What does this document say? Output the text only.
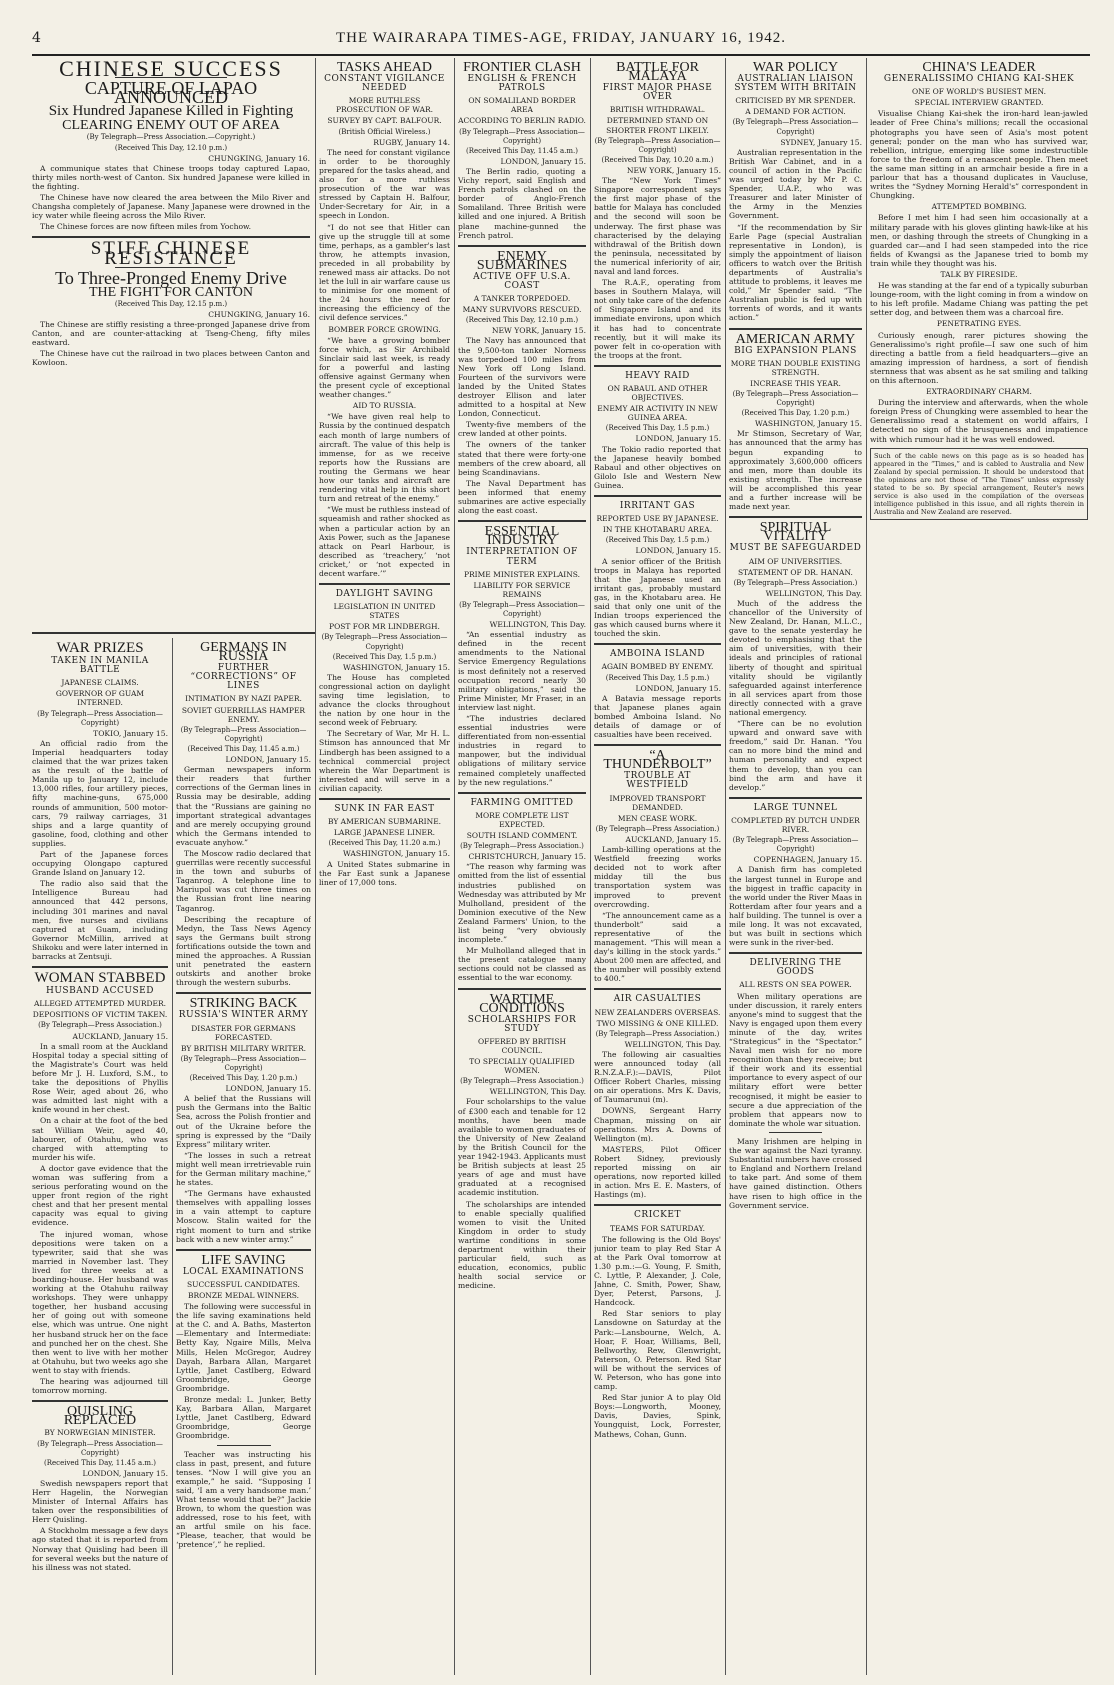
4	THE WAIRARAPA TIMES-AGE, FRIDAY, JANUARY 16, 1942.
CHINESE SUCCESS
CAPTURE OF LAPAO ANNOUNCED
Six Hundred Japanese Killed in Fighting
CLEARING ENEMY OUT OF AREA
(By Telegraph—Press Association.—Copyright.)
(Received This Day, 12.10 p.m.)
CHUNGKING, January 16.

A communique states that Chinese troops today captured Lapao, thirty miles north-west of Canton. Six hundred Japanese were killed in the fighting.

The Chinese have now cleared the area between the Milo River and Changsha completely of Japanese. Many Japanese were drowned in the icy water while fleeing across the Milo River.

The Chinese forces are now fifteen miles from Yochow.

STIFF CHINESE RESISTANCE
To Three-Pronged Enemy Drive
THE FIGHT FOR CANTON
(Received This Day, 12.15 p.m.)
CHUNGKING, January 16.

The Chinese are stiffly resisting a three-pronged Japanese drive from Canton, and are counter-attacking at Tseng-Cheng, fifty miles eastward.

The Chinese have cut the railroad in two places between Canton and Kowloon.

WAR PRIZES
TAKEN IN MANILA BATTLE
JAPANESE CLAIMS.
GOVERNOR OF GUAM INTERNED.
(By Telegraph—Press Association—Copyright)
TOKIO, January 15.

An official radio from the Imperial headquarters today claimed that the war prizes taken as the result of the battle of Manila up to January 12, include 13,000 rifles, four artillery pieces, fifty machine-guns, 675,000 rounds of ammunition, 500 motor-cars, 79 railway carriages, 31 ships and a large quantity of gasoline, food, clothing and other supplies.

Part of the Japanese forces occupying Olongapo captured Grande Island on January 12.

The radio also said that the Intelligence Bureau had announced that 442 persons, including 301 marines and naval men, five nurses and civilians captured at Guam, including Governor McMillin, arrived at Shikoku and were later interned in barracks at Zentsuji.

WOMAN STABBED
HUSBAND ACCUSED
ALLEGED ATTEMPTED MURDER.
DEPOSITIONS OF VICTIM TAKEN.
(By Telegraph—Press Association.)
AUCKLAND, January 15.

In a small room at the Auckland Hospital today a special sitting of the Magistrate's Court was held before Mr J. H. Luxford, S.M., to take the depositions of Phyllis Rose Weir, aged about 26, who was admitted last night with a knife wound in her chest.

On a chair at the foot of the bed sat William Weir, aged 40, labourer, of Otahuhu, who was charged with attempting to murder his wife.

A doctor gave evidence that the woman was suffering from a serious perforating wound on the upper front region of the right chest and that her present mental capacity was equal to giving evidence.

The injured woman, whose depositions were taken on a typewriter, said that she was married in November last. They lived for three weeks at a boarding-house. Her husband was working at the Otahuhu railway workshops. They were unhappy together, her husband accusing her of going out with someone else, which was untrue. One night her husband struck her on the face and punched her on the chest. She then went to live with her mother at Otahuhu, but two weeks ago she went to stay with friends.

The hearing was adjourned till tomorrow morning.

QUISLING REPLACED
BY NORWEGIAN MINISTER.
(By Telegraph—Press Association—Copyright)
(Received This Day, 11.45 a.m.)
LONDON, January 15.

Swedish newspapers report that Herr Hagelin, the Norwegian Minister of Internal Affairs has taken over the responsibilities of Herr Quisling.

A Stockholm message a few days ago stated that it is reported from Norway that Quisling had been ill for several weeks but the nature of his illness was not stated.

GERMANS IN RUSSIA
FURTHER “CORRECTIONS” OF LINES
INTIMATION BY NAZI PAPER.
SOVIET GUERRILLAS HAMPER ENEMY.
(By Telegraph—Press Association—Copyright)
(Received This Day, 11.45 a.m.)
LONDON, January 15.

German newspapers inform their readers that further corrections of the German lines in Russia may be desirable, adding that the “Russians are gaining no important strategical advantages and are merely occupying ground which the Germans intended to evacuate anyhow.”

The Moscow radio declared that guerrillas were recently successful in the town and suburbs of Taganrog. A telephone line to Mariupol was cut three times on the Russian front line nearing Taganrog.

Describing the recapture of Medyn, the Tass News Agency says the Germans built strong fortifications outside the town and mined the approaches. A Russian unit penetrated the eastern outskirts and another broke through the western suburbs.

STRIKING BACK
RUSSIA'S WINTER ARMY
DISASTER FOR GERMANS FORECASTED.
BY BRITISH MILITARY WRITER.
(By Telegraph—Press Association—Copyright)
(Received This Day, 1.20 p.m.)
LONDON, January 15.

A belief that the Russians will push the Germans into the Baltic Sea, across the Polish frontier and out of the Ukraine before the spring is expressed by the “Daily Express” military writer.

“The losses in such a retreat might well mean irretrievable ruin for the German military machine,” he states.

“The Germans have exhausted themselves with appalling losses in a vain attempt to capture Moscow. Stalin waited for the right moment to turn and strike back with a new winter army.”

LIFE SAVING
LOCAL EXAMINATIONS
SUCCESSFUL CANDIDATES.
BRONZE MEDAL WINNERS.

The following were successful in the life saving examinations held at the C. and A. Baths, Masterton—Elementary and Intermediate: Betty Kay, Ngaire Mills, Melva Mills, Helen McGregor, Audrey Dayah, Barbara Allan, Margaret Lyttle, Janet Castlberg, Edward Groombridge, George Groombridge.

Bronze medal: L. Junker, Betty Kay, Barbara Allan, Margaret Lyttle, Janet Castlberg, Edward Groombridge, George Groombridge.

Teacher was instructing his class in past, present, and future tenses. “Now I will give you an example,” he said. “Supposing I said, ‘I am a very handsome man.’ What tense would that be?” Jackie Brown, to whom the question was addressed, rose to his feet, with an artful smile on his face. “Please, teacher, that would be ‘pretence’,” he replied.

TASKS AHEAD
CONSTANT VIGILANCE NEEDED
MORE RUTHLESS PROSECUTION OF WAR.
SURVEY BY CAPT. BALFOUR.
(British Official Wireless.)
RUGBY, January 14.

The need for constant vigilance in order to be thoroughly prepared for the tasks ahead, and also for a more ruthless prosecution of the war was stressed by Captain H. Balfour, Under-Secretary for Air, in a speech in London.

“I do not see that Hitler can give up the struggle till at some time, perhaps, as a gambler's last throw, he attempts invasion, preceded in all probability by renewed mass air attacks. Do not let the lull in air warfare cause us to minimise for one moment of the 24 hours the need for increasing the efficiency of the civil defence services.”

BOMBER FORCE GROWING.

“We have a growing bomber force which, as Sir Archibald Sinclair said last week, is ready for a powerful and lasting offensive against Germany when the present cycle of exceptional weather changes.”

AID TO RUSSIA.

“We have given real help to Russia by the continued despatch each month of large numbers of aircraft. The value of this help is immense, for as we receive reports how the Russians are routing the Germans we hear how our tanks and aircraft are rendering vital help in this short turn and retreat of the enemy.”

“We must be ruthless instead of squeamish and rather shocked as when a particular action by an Axis Power, such as the Japanese attack on Pearl Harbour, is described as ‘treachery,’ ‘not cricket,’ or ‘not expected in decent warfare.’”

DAYLIGHT SAVING
LEGISLATION IN UNITED STATES
POST FOR MR LINDBERGH.
(By Telegraph—Press Association—Copyright)
(Received This Day, 1.5 p.m.)
WASHINGTON, January 15.

The House has completed congressional action on daylight saving time legislation, to advance the clocks throughout the nation by one hour in the second week of February.

The Secretary of War, Mr H. L. Stimson has announced that Mr Lindbergh has been assigned to a technical commercial project wherein the War Department is interested and will serve in a civilian capacity.

SUNK IN FAR EAST
BY AMERICAN SUBMARINE.
LARGE JAPANESE LINER.
(Received This Day, 11.20 a.m.)
WASHINGTON, January 15.

A United States submarine in the Far East sunk a Japanese liner of 17,000 tons.

FRONTIER CLASH
ENGLISH & FRENCH PATROLS
ON SOMALILAND BORDER AREA
ACCORDING TO BERLIN RADIO.
(By Telegraph—Press Association—Copyright)
(Received This Day, 11.45 a.m.)
LONDON, January 15.

The Berlin radio, quoting a Vichy report, said English and French patrols clashed on the border of Anglo-French Somaliland. Three British were killed and one injured. A British plane machine-gunned the French patrol.

ENEMY SUBMARINES
ACTIVE OFF U.S.A. COAST
A TANKER TORPEDOED.
MANY SURVIVORS RESCUED.
(Received This Day, 12.10 p.m.)
NEW YORK, January 15.

The Navy has announced that the 9,500-ton tanker Norness was torpedoed 100 miles from New York off Long Island. Fourteen of the survivors were landed by the United States destroyer Ellison and later admitted to a hospital at New London, Connecticut.

Twenty-five members of the crew landed at other points.

The owners of the tanker stated that there were forty-one members of the crew aboard, all being Scandinavians.

The Naval Department has been informed that enemy submarines are active especially along the east coast.

ESSENTIAL INDUSTRY
INTERPRETATION OF TERM
PRIME MINISTER EXPLAINS.
LIABILITY FOR SERVICE REMAINS
(By Telegraph—Press Association—Copyright)
WELLINGTON, This Day.

“An essential industry as defined in the recent amendments to the National Service Emergency Regulations is most definitely not a reserved occupation record nearly 30 military obligations,” said the Prime Minister, Mr Fraser, in an interview last night.

“The industries declared essential industries were differentiated from non-essential industries in regard to manpower, but the individual obligations of military service remained completely unaffected by the new regulations.”

FARMING OMITTED
MORE COMPLETE LIST EXPECTED.
SOUTH ISLAND COMMENT.
(By Telegraph—Press Association.)
CHRISTCHURCH, January 15.

“The reason why farming was omitted from the list of essential industries published on Wednesday was attributed by Mr Mulholland, president of the Dominion executive of the New Zealand Farmers' Union, to the list being “very obviously incomplete.”

Mr Mulholland alleged that in the present catalogue many sections could not be classed as essential to the war economy.

WARTIME CONDITIONS
SCHOLARSHIPS FOR STUDY
OFFERED BY BRITISH COUNCIL.
TO SPECIALLY QUALIFIED WOMEN.
(By Telegraph—Press Association.)
WELLINGTON, This Day.

Four scholarships to the value of £300 each and tenable for 12 months, have been made available to women graduates of the University of New Zealand by the British Council for the year 1942-1943. Applicants must be British subjects at least 25 years of age and must have graduated at a recognised academic institution.

The scholarships are intended to enable specially qualified women to visit the United Kingdom in order to study wartime conditions in some department within their particular field, such as education, economics, public health social service or medicine.

BATTLE FOR MALAYA
FIRST MAJOR PHASE OVER
BRITISH WITHDRAWAL.
DETERMINED STAND ON SHORTER FRONT LIKELY.
(By Telegraph—Press Association—Copyright)
(Received This Day, 10.20 a.m.)
NEW YORK, January 15.

The “New York Times” Singapore correspondent says the first major phase of the battle for Malaya has concluded and the second will soon be underway. The first phase was characterised by the delaying withdrawal of the British down the peninsula, necessitated by the numerical inferiority of air, naval and land forces.

The R.A.F., operating from bases in Southern Malaya, will not only take care of the defence of Singapore Island and its immediate environs, upon which it has had to concentrate recently, but it will make its power felt in co-operation with the troops at the front.

HEAVY RAID
ON RABAUL AND OTHER OBJECTIVES.
ENEMY AIR ACTIVITY IN NEW GUINEA AREA.
(Received This Day, 1.5 p.m.)
LONDON, January 15.

The Tokio radio reported that the Japanese heavily bombed Rabaul and other objectives on Gilolo Isle and Western New Guinea.

IRRITANT GAS
REPORTED USE BY JAPANESE.
IN THE KHOTABARU AREA.
(Received This Day, 1.5 p.m.)
LONDON, January 15.

A senior officer of the British troops in Malaya has reported that the Japanese used an irritant gas, probably mustard gas, in the Khotabaru area. He said that only one unit of the Indian troops experienced the gas which caused burns where it touched the skin.

AMBOINA ISLAND
AGAIN BOMBED BY ENEMY.
(Received This Day, 1.5 p.m.)
LONDON, January 15.

A Batavia message reports that Japanese planes again bombed Amboina Island. No details of damage or of casualties have been received.

“A THUNDERBOLT”
TROUBLE AT WESTFIELD
IMPROVED TRANSPORT DEMANDED.
MEN CEASE WORK.
(By Telegraph—Press Association.)
AUCKLAND, January 15.

Lamb-killing operations at the Westfield freezing works decided not to work after midday till the bus transportation system was improved to prevent overcrowding.

“The announcement came as a thunderbolt” said a representative of the management. “This will mean a day's killing in the stock yards.” About 200 men are affected, and the number will possibly extend to 400.”

AIR CASUALTIES
NEW ZEALANDERS OVERSEAS.
TWO MISSING & ONE KILLED.
(By Telegraph—Press Association.)
WELLINGTON, This Day.

The following air casualties were announced today (all R.N.Z.A.F.):—DAVIS, Pilot Officer Robert Charles, missing on air operations. Mrs K. Davis, of Taumarunui (m).

DOWNS, Sergeant Harry Chapman, missing on air operations. Mrs A. Downs of Wellington (m).

MASTERS, Pilot Officer Robert Sidney, previously reported missing on air operations, now reported killed in action. Mrs E. E. Masters, of Hastings (m).

CRICKET
TEAMS FOR SATURDAY.

The following is the Old Boys' junior team to play Red Star A at the Park Oval tomorrow at 1.30 p.m.:—G. Young, F. Smith, C. Lyttle, P. Alexander, J. Cole, Jahne, C. Smith, Power, Shaw, Dyer, Peterst, Parsons, J. Handcock.

Red Star seniors to play Lansdowne on Saturday at the Park:—Lansbourne, Welch, A. Hoar, F. Hoar, Williams, Bell, Bellworthy, Rew, Glenwright, Paterson, O. Peterson. Red Star will be without the services of W. Peterson, who has gone into camp.

Red Star junior A to play Old Boys:—Longworth, Mooney, Davis, Davies, Spink, Youngquist, Lock, Forrester, Mathews, Cohan, Gunn.

WAR POLICY
AUSTRALIAN LIAISON SYSTEM WITH BRITAIN
CRITICISED BY MR SPENDER.
A DEMAND FOR ACTION.
(By Telegraph—Press Association—Copyright)
SYDNEY, January 15.

Australian representation in the British War Cabinet, and in a council of action in the Pacific was urged today by Mr P. C. Spender, U.A.P., who was Treasurer and later Minister of the Army in the Menzies Government.

“If the recommendation by Sir Earle Page (special Australian representative in London), is simply the appointment of liaison officers to watch over the British departments of Australia's attitude to problems, it leaves me cold,” Mr Spender said. “The Australian public is fed up with torrents of words, and it wants action.”

AMERICAN ARMY
BIG EXPANSION PLANS
MORE THAN DOUBLE EXISTING STRENGTH.
INCREASE THIS YEAR.
(By Telegraph—Press Association—Copyright)
(Received This Day, 1.20 p.m.)
WASHINGTON, January 15.

Mr Stimson, Secretary of War, has announced that the army has begun expanding to approximately 3,600,000 officers and men, more than double its existing strength. The increase will be accomplished this year and a further increase will be made next year.

SPIRITUAL VITALITY
MUST BE SAFEGUARDED
AIM OF UNIVERSITIES.
STATEMENT OF DR. HANAN.
(By Telegraph—Press Association.)
WELLINGTON, This Day.

Much of the address the chancellor of the University of New Zealand, Dr. Hanan, M.L.C., gave to the senate yesterday he devoted to emphasising that the aim of universities, with their ideals and principles of rational liberty of thought and spiritual vitality should be vigilantly safeguarded against interference in all services apart from those directly connected with a grave national emergency.

“There can be no evolution upward and onward save with freedom,” said Dr. Hanan. “You can no more bind the mind and human personality and expect them to develop, than you can bind the arm and have it develop.”

LARGE TUNNEL
COMPLETED BY DUTCH UNDER RIVER.
(By Telegraph—Press Association—Copyright)
COPENHAGEN, January 15.

A Danish firm has completed the largest tunnel in Europe and the biggest in traffic capacity in the world under the River Maas in Rotterdam after four years and a half building. The tunnel is over a mile long. It was not excavated, but was built in sections which were sunk in the river-bed.

DELIVERING THE GOODS
ALL RESTS ON SEA POWER.

When military operations are under discussion, it rarely enters anyone's mind to suggest that the Navy is engaged upon them every minute of the day, writes “Strategicus” in the “Spectator.” Naval men wish for no more recognition than they receive; but if their work and its essential importance to every aspect of our military effort were better recognised, it might be easier to secure a due appreciation of the problem that appears now to dominate the whole war situation.

Many Irishmen are helping in the war against the Nazi tyranny. Substantial numbers have crossed to England and Northern Ireland to take part. And some of them have gained distinction. Others have risen to high office in the Government service.

CHINA'S LEADER
GENERALISSIMO CHIANG KAI-SHEK
ONE OF WORLD'S BUSIEST MEN.
SPECIAL INTERVIEW GRANTED.

Visualise Chiang Kai-shek the iron-hard lean-jawled leader of Free China's millions; recall the occasional photographs you have seen of Asia's most potent general; ponder on the man who has survived war, rebellion, intrigue, emerging like some indestructible force to the freedom of a renascent people. Then meet the same man sitting in an armchair beside a fire in a parlour that has a thousand duplicates in Vaucluse, writes the “Sydney Morning Herald's” correspondent in Chungking.

ATTEMPTED BOMBING.

Before I met him I had seen him occasionally at a military parade with his gloves glinting hawk-like at his men, or dashing through the streets of Chungking in a guarded car—and I had seen stampeded into the rice fields of Kwangsi as the Japanese tried to bomb my train while they thought was his.

TALK BY FIRESIDE.

He was standing at the far end of a typically suburban lounge-room, with the light coming in from a window on to his left profile. Madame Chiang was patting the pet setter dog, and between them was a charcoal fire.

PENETRATING EYES.

Curiously enough, rarer pictures showing the Generalissimo's right profile—I saw one such of him directing a battle from a field headquarters—give an amazing impression of hardness, a sort of fiendish sternness that was absent as he sat smiling and talking on this afternoon.

EXTRAORDINARY CHARM.

During the interview and afterwards, when the whole foreign Press of Chungking were assembled to hear the Generalissimo read a statement on world affairs, I detected no sign of the brusqueness and impatience with which rumour had it he was well endowed.

Such of the cable news on this page as is so headed has appeared in the “Times,” and is cabled to Australia and New Zealand by special permission. It should be understood that the opinions are not those of “The Times” unless expressly stated to be so. By special arrangement, Reuter's news service is also used in the compilation of the overseas intelligence published in this issue, and all rights therein in Australia and New Zealand are reserved.
